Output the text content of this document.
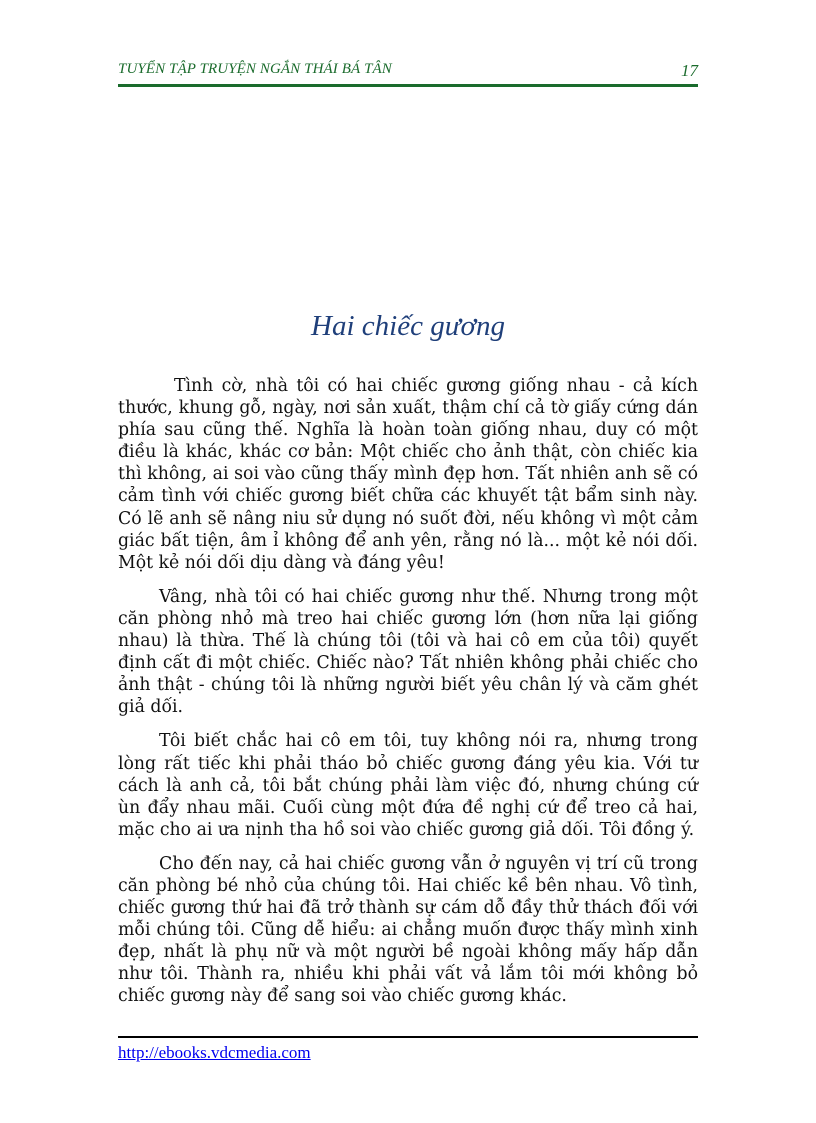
TUYỂN TẬP TRUYỆN NGẮN THÁI BÁ TÂN	17
Hai chiếc gương

Tình cờ, nhà tôi có hai chiếc gương giống nhau - cả kích thước, khung gỗ, ngày, nơi sản xuất, thậm chí cả tờ giấy cứng dán phía sau cũng thế. Nghĩa là hoàn toàn giống nhau, duy có một điều là khác, khác cơ bản: Một chiếc cho ảnh thật, còn chiếc kia thì không, ai soi vào cũng thấy mình đẹp hơn. Tất nhiên anh sẽ có cảm tình với chiếc gương biết chữa các khuyết tật bẩm sinh này. Có lẽ anh sẽ nâng niu sử dụng nó suốt đời, nếu không vì một cảm giác bất tiện, âm ỉ không để anh yên, rằng nó là... một kẻ nói dối. Một kẻ nói dối dịu dàng và đáng yêu!

Vâng, nhà tôi có hai chiếc gương như thế. Nhưng trong một căn phòng nhỏ mà treo hai chiếc gương lớn (hơn nữa lại giống nhau) là thừa. Thế là chúng tôi (tôi và hai cô em của tôi) quyết định cất đi một chiếc. Chiếc nào? Tất nhiên không phải chiếc cho ảnh thật - chúng tôi là những người biết yêu chân lý và căm ghét giả dối.

Tôi biết chắc hai cô em tôi, tuy không nói ra, nhưng trong lòng rất tiếc khi phải tháo bỏ chiếc gương đáng yêu kia. Với tư cách là anh cả, tôi bắt chúng phải làm việc đó, nhưng chúng cứ ùn đẩy nhau mãi. Cuối cùng một đứa đề nghị cứ để treo cả hai, mặc cho ai ưa nịnh tha hồ soi vào chiếc gương giả dối. Tôi đồng ý.

Cho đến nay, cả hai chiếc gương vẫn ở nguyên vị trí cũ trong căn phòng bé nhỏ của chúng tôi. Hai chiếc kề bên nhau. Vô tình, chiếc gương thứ hai đã trở thành sự cám dỗ đầy thử thách đối với mỗi chúng tôi. Cũng dễ hiểu: ai chẳng muốn được thấy mình xinh đẹp, nhất là phụ nữ và một người bề ngoài không mấy hấp dẫn như tôi. Thành ra, nhiều khi phải vất vả lắm tôi mới không bỏ chiếc gương này để sang soi vào chiếc gương khác.

http://ebooks.vdcmedia.com
